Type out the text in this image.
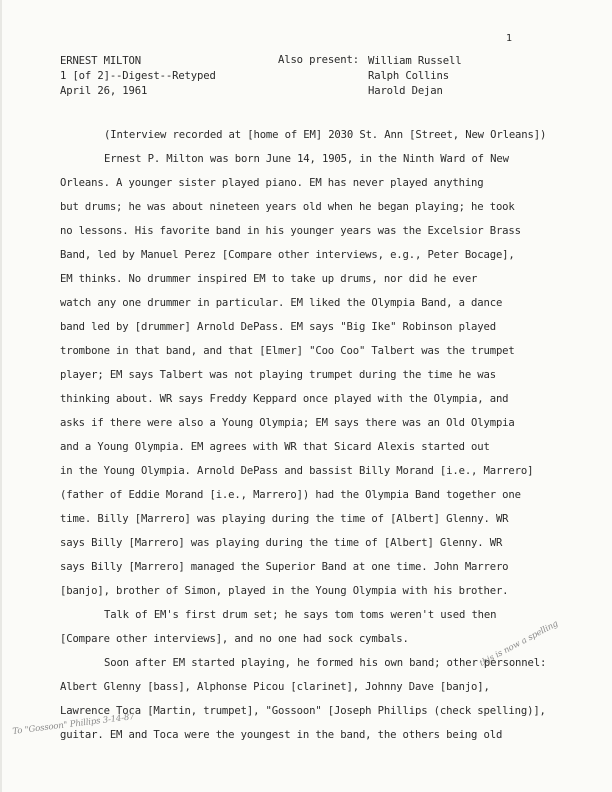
1
ERNEST MILTON
1 [of 2]--Digest--Retyped
April 26, 1961
Also present: William Russell
Ralph Collins
Harold Dejan
(Interview recorded at [home of EM] 2030 St. Ann [Street, New Orleans])
Ernest P. Milton was born June 14, 1905, in the Ninth Ward of New
Orleans. A younger sister played piano. EM has never played anything
but drums; he was about nineteen years old when he began playing; he took
no lessons. His favorite band in his younger years was the Excelsior Brass
Band, led by Manuel Perez [Compare other interviews, e.g., Peter Bocage],
EM thinks. No drummer inspired EM to take up drums, nor did he ever
watch any one drummer in particular. EM liked the Olympia Band, a dance
band led by [drummer] Arnold DePass. EM says "Big Ike" Robinson played
trombone in that band, and that [Elmer] "Coo Coo" Talbert was the trumpet
player; EM says Talbert was not playing trumpet during the time he was
thinking about. WR says Freddy Keppard once played with the Olympia, and
asks if there were also a Young Olympia; EM says there was an Old Olympia
and a Young Olympia. EM agrees with WR that Sicard Alexis started out
in the Young Olympia. Arnold DePass and bassist Billy Morand [i.e., Marrero]
(father of Eddie Morand [i.e., Marrero]) had the Olympia Band together one
time. Billy [Marrero] was playing during the time of [Albert] Glenny. WR
says Billy [Marrero] was playing during the time of [Albert] Glenny. WR
says Billy [Marrero] managed the Superior Band at one time. John Marrero
[banjo], brother of Simon, played in the Young Olympia with his brother.
Talk of EM's first drum set; he says tom toms weren't used then
[Compare other interviews], and no one had sock cymbals.
Soon after EM started playing, he formed his own band; other personnel:
Albert Glenny [bass], Alphonse Picou [clarinet], Johnny Dave [banjo],
Lawrence Toca [Martin, trumpet], "Gossoon" [Joseph Phillips (check spelling)],
guitar. EM and Toca were the youngest in the band, the others being old
this is now a spelling
To "Gossoon" Phillips 3-14-87
